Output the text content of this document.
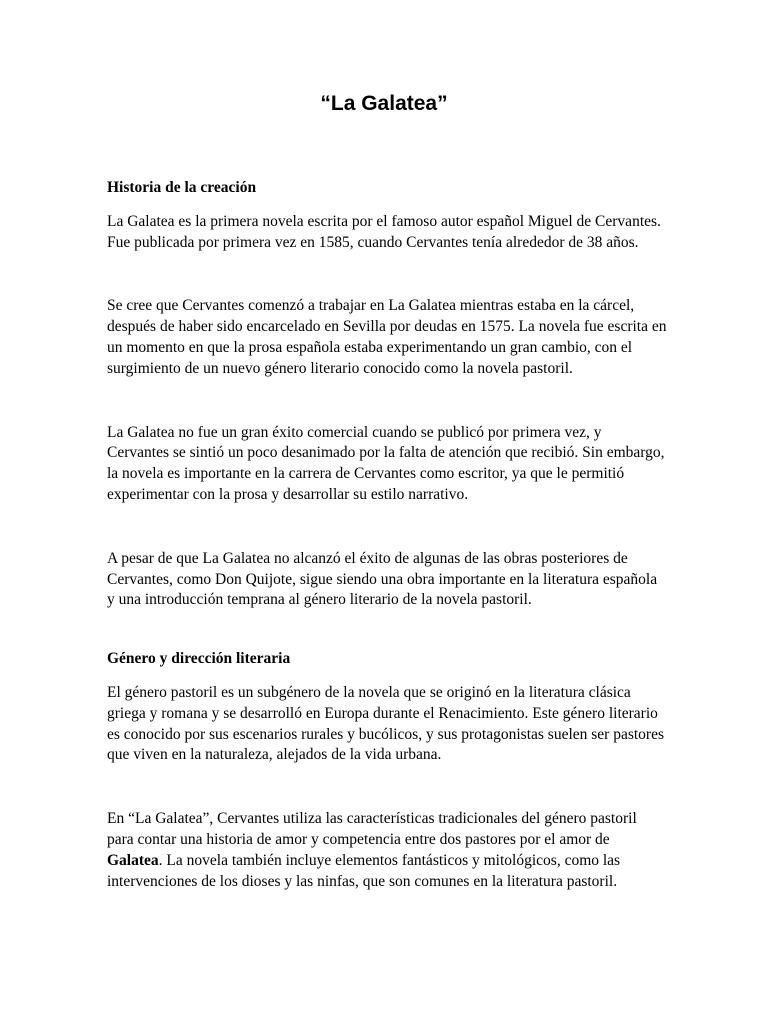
“La Galatea”

Historia de la creación

La Galatea es la primera novela escrita por el famoso autor español Miguel de Cervantes. Fue publicada por primera vez en 1585, cuando Cervantes tenía alrededor de 38 años.

Se cree que Cervantes comenzó a trabajar en La Galatea mientras estaba en la cárcel, después de haber sido encarcelado en Sevilla por deudas en 1575. La novela fue escrita en un momento en que la prosa española estaba experimentando un gran cambio, con el surgimiento de un nuevo género literario conocido como la novela pastoril.

La Galatea no fue un gran éxito comercial cuando se publicó por primera vez, y Cervantes se sintió un poco desanimado por la falta de atención que recibió. Sin embargo, la novela es importante en la carrera de Cervantes como escritor, ya que le permitió experimentar con la prosa y desarrollar su estilo narrativo.

A pesar de que La Galatea no alcanzó el éxito de algunas de las obras posteriores de Cervantes, como Don Quijote, sigue siendo una obra importante en la literatura española y una introducción temprana al género literario de la novela pastoril.

Género y dirección literaria

El género pastoril es un subgénero de la novela que se originó en la literatura clásica griega y romana y se desarrolló en Europa durante el Renacimiento. Este género literario es conocido por sus escenarios rurales y bucólicos, y sus protagonistas suelen ser pastores que viven en la naturaleza, alejados de la vida urbana.

En “La Galatea”, Cervantes utiliza las características tradicionales del género pastoril para contar una historia de amor y competencia entre dos pastores por el amor de Galatea. La novela también incluye elementos fantásticos y mitológicos, como las intervenciones de los dioses y las ninfas, que son comunes en la literatura pastoril.
